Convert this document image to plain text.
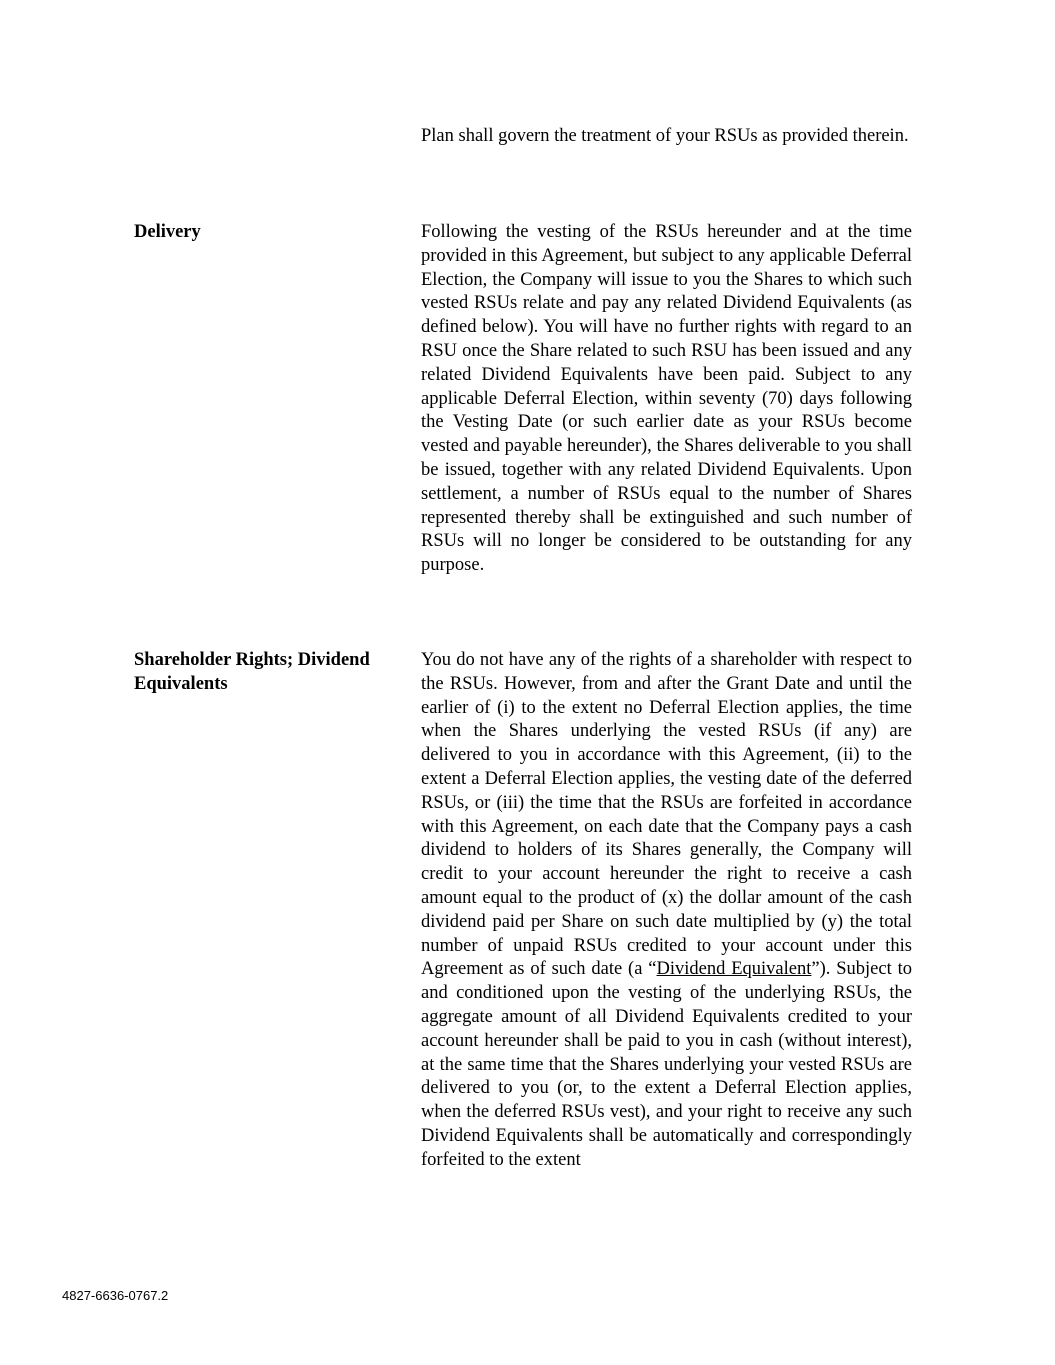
Plan shall govern the treatment of your RSUs as provided therein.
Delivery	Following the vesting of the RSUs hereunder and at the time provided in this Agreement, but subject to any applicable Deferral Election, the Company will issue to you the Shares to which such vested RSUs relate and pay any related Dividend Equivalents (as defined below). You will have no further rights with regard to an RSU once the Share related to such RSU has been issued and any related Dividend Equivalents have been paid. Subject to any applicable Deferral Election, within seventy (70) days following the Vesting Date (or such earlier date as your RSUs become vested and payable hereunder), the Shares deliverable to you shall be issued, together with any related Dividend Equivalents. Upon settlement, a number of RSUs equal to the number of Shares represented thereby shall be extinguished and such number of RSUs will no longer be considered to be outstanding for any purpose.
Shareholder Rights; Dividend Equivalents
You do not have any of the rights of a shareholder with respect to the RSUs. However, from and after the Grant Date and until the earlier of (i) to the extent no Deferral Election applies, the time when the Shares underlying the vested RSUs (if any) are delivered to you in accordance with this Agreement, (ii) to the extent a Deferral Election applies, the vesting date of the deferred RSUs, or (iii) the time that the RSUs are forfeited in accordance with this Agreement, on each date that the Company pays a cash dividend to holders of its Shares generally, the Company will credit to your account hereunder the right to receive a cash amount equal to the product of (x) the dollar amount of the cash dividend paid per Share on such date multiplied by (y) the total number of unpaid RSUs credited to your account under this Agreement as of such date (a “Dividend Equivalent”). Subject to and conditioned upon the vesting of the underlying RSUs, the aggregate amount of all Dividend Equivalents credited to your account hereunder shall be paid to you in cash (without interest), at the same time that the Shares underlying your vested RSUs are delivered to you (or, to the extent a Deferral Election applies, when the deferred RSUs vest), and your right to receive any such Dividend Equivalents shall be automatically and correspondingly forfeited to the extent
4827-6636-0767.2
